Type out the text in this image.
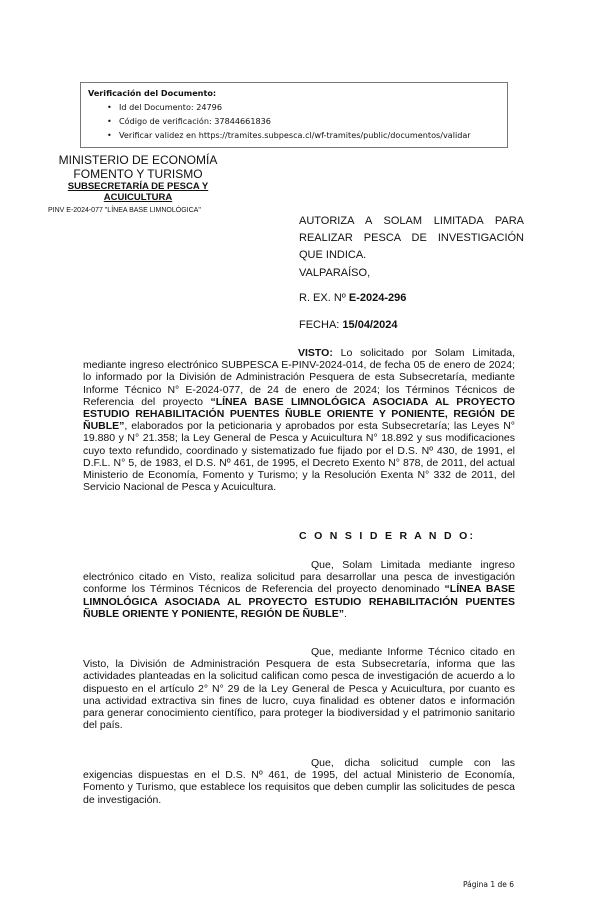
Verificación del Documento:
• Id del Documento: 24796
• Código de verificación: 37844661836
• Verificar validez en https://tramites.subpesca.cl/wf-tramites/public/documentos/validar
MINISTERIO DE ECONOMÍA
FOMENTO Y TURISMO
SUBSECRETARÍA DE PESCA Y
ACUICULTURA
PINV E-2024-077 "LÍNEA BASE LIMNOLÓGICA"
AUTORIZA A SOLAM LIMITADA PARA REALIZAR PESCA DE INVESTIGACIÓN QUE INDICA.
VALPARAÍSO,
R. EX. Nº E-2024-296
FECHA: 15/04/2024
VISTO: Lo solicitado por Solam Limitada, mediante ingreso electrónico SUBPESCA E-PINV-2024-014, de fecha 05 de enero de 2024; lo informado por la División de Administración Pesquera de esta Subsecretaría, mediante Informe Técnico N° E-2024-077, de 24 de enero de 2024; los Términos Técnicos de Referencia del proyecto “LÍNEA BASE LIMNOLÓGICA ASOCIADA AL PROYECTO ESTUDIO REHABILITACIÓN PUENTES ÑUBLE ORIENTE Y PONIENTE, REGIÓN DE ÑUBLE”, elaborados por la peticionaria y aprobados por esta Subsecretaría; las Leyes N° 19.880 y N° 21.358; la Ley General de Pesca y Acuicultura N° 18.892 y sus modificaciones cuyo texto refundido, coordinado y sistematizado fue fijado por el D.S. Nº 430, de 1991, el D.F.L. N° 5, de 1983, el D.S. Nº 461, de 1995, el Decreto Exento N° 878, de 2011, del actual Ministerio de Economía, Fomento y Turismo; y la Resolución Exenta N° 332 de 2011, del Servicio Nacional de Pesca y Acuicultura.
C O N S I D E R A N D O:
Que, Solam Limitada mediante ingreso electrónico citado en Visto, realiza solicitud para desarrollar una pesca de investigación conforme los Términos Técnicos de Referencia del proyecto denominado “LÍNEA BASE LIMNOLÓGICA ASOCIADA AL PROYECTO ESTUDIO REHABILITACIÓN PUENTES ÑUBLE ORIENTE Y PONIENTE, REGIÓN DE ÑUBLE”.
Que, mediante Informe Técnico citado en Visto, la División de Administración Pesquera de esta Subsecretaría, informa que las actividades planteadas en la solicitud califican como pesca de investigación de acuerdo a lo dispuesto en el artículo 2° N° 29 de la Ley General de Pesca y Acuicultura, por cuanto es una actividad extractiva sin fines de lucro, cuya finalidad es obtener datos e información para generar conocimiento científico, para proteger la biodiversidad y el patrimonio sanitario del país.
Que, dicha solicitud cumple con las exigencias dispuestas en el D.S. Nº 461, de 1995, del actual Ministerio de Economía, Fomento y Turismo, que establece los requisitos que deben cumplir las solicitudes de pesca de investigación.
Página 1 de 6
